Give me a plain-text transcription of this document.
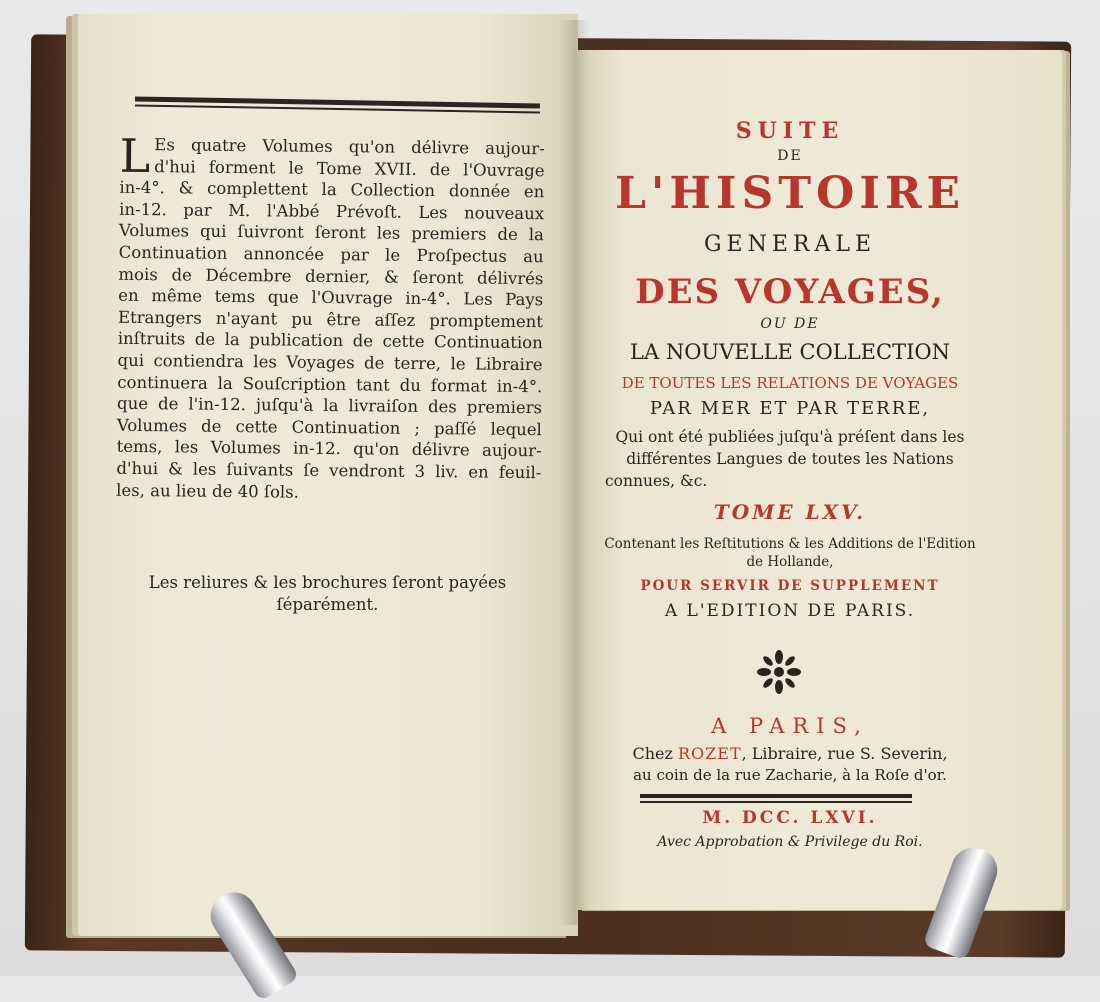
L Es quatre Volumes qu'on délivre aujour-
d'hui forment le Tome XVII. de l'Ouvrage
in-4°. & complettent la Collection donnée en
in-12. par M. l'Abbé Prévoſt. Les nouveaux
Volumes qui ſuivront ſeront les premiers de la
Continuation annoncée par le Proſpectus au
mois de Décembre dernier, & ſeront délivrés
en même tems que l'Ouvrage in-4°. Les Pays
Etrangers n'ayant pu être aſſez promptement
inſtruits de la publication de cette Continuation
qui contiendra les Voyages de terre, le Libraire
continuera la Souſcription tant du format in-4°.
que de l'in-12. juſqu'à la livraiſon des premiers
Volumes de cette Continuation ; paſſé lequel
tems, les Volumes in-12. qu'on délivre aujour-
d'hui & les ſuivants ſe vendront 3 liv. en feuil-
les, au lieu de 40 ſols.
Les reliures & les brochures ſeront payées
ſéparément.
SUITE
DE
L'HISTOIRE
GENERALE
DES VOYAGES,
OU DE
LA NOUVELLE COLLECTION
DE TOUTES LES RELATIONS DE VOYAGES
PAR MER ET PAR TERRE,
Qui ont été publiées juſqu'à préſent dans les
différentes Langues de toutes les Nations
connues, &c.
TOME LXV.
Contenant les Reſtitutions & les Additions de l'Edition
de Hollande,
POUR SERVIR DE SUPPLEMENT
A L'EDITION DE PARIS.
A PARIS,
Chez ROZET, Libraire, rue S. Severin,
au coin de la rue Zacharie, à la Roſe d'or.
M. DCC. LXVI.
Avec Approbation & Privilege du Roi.
